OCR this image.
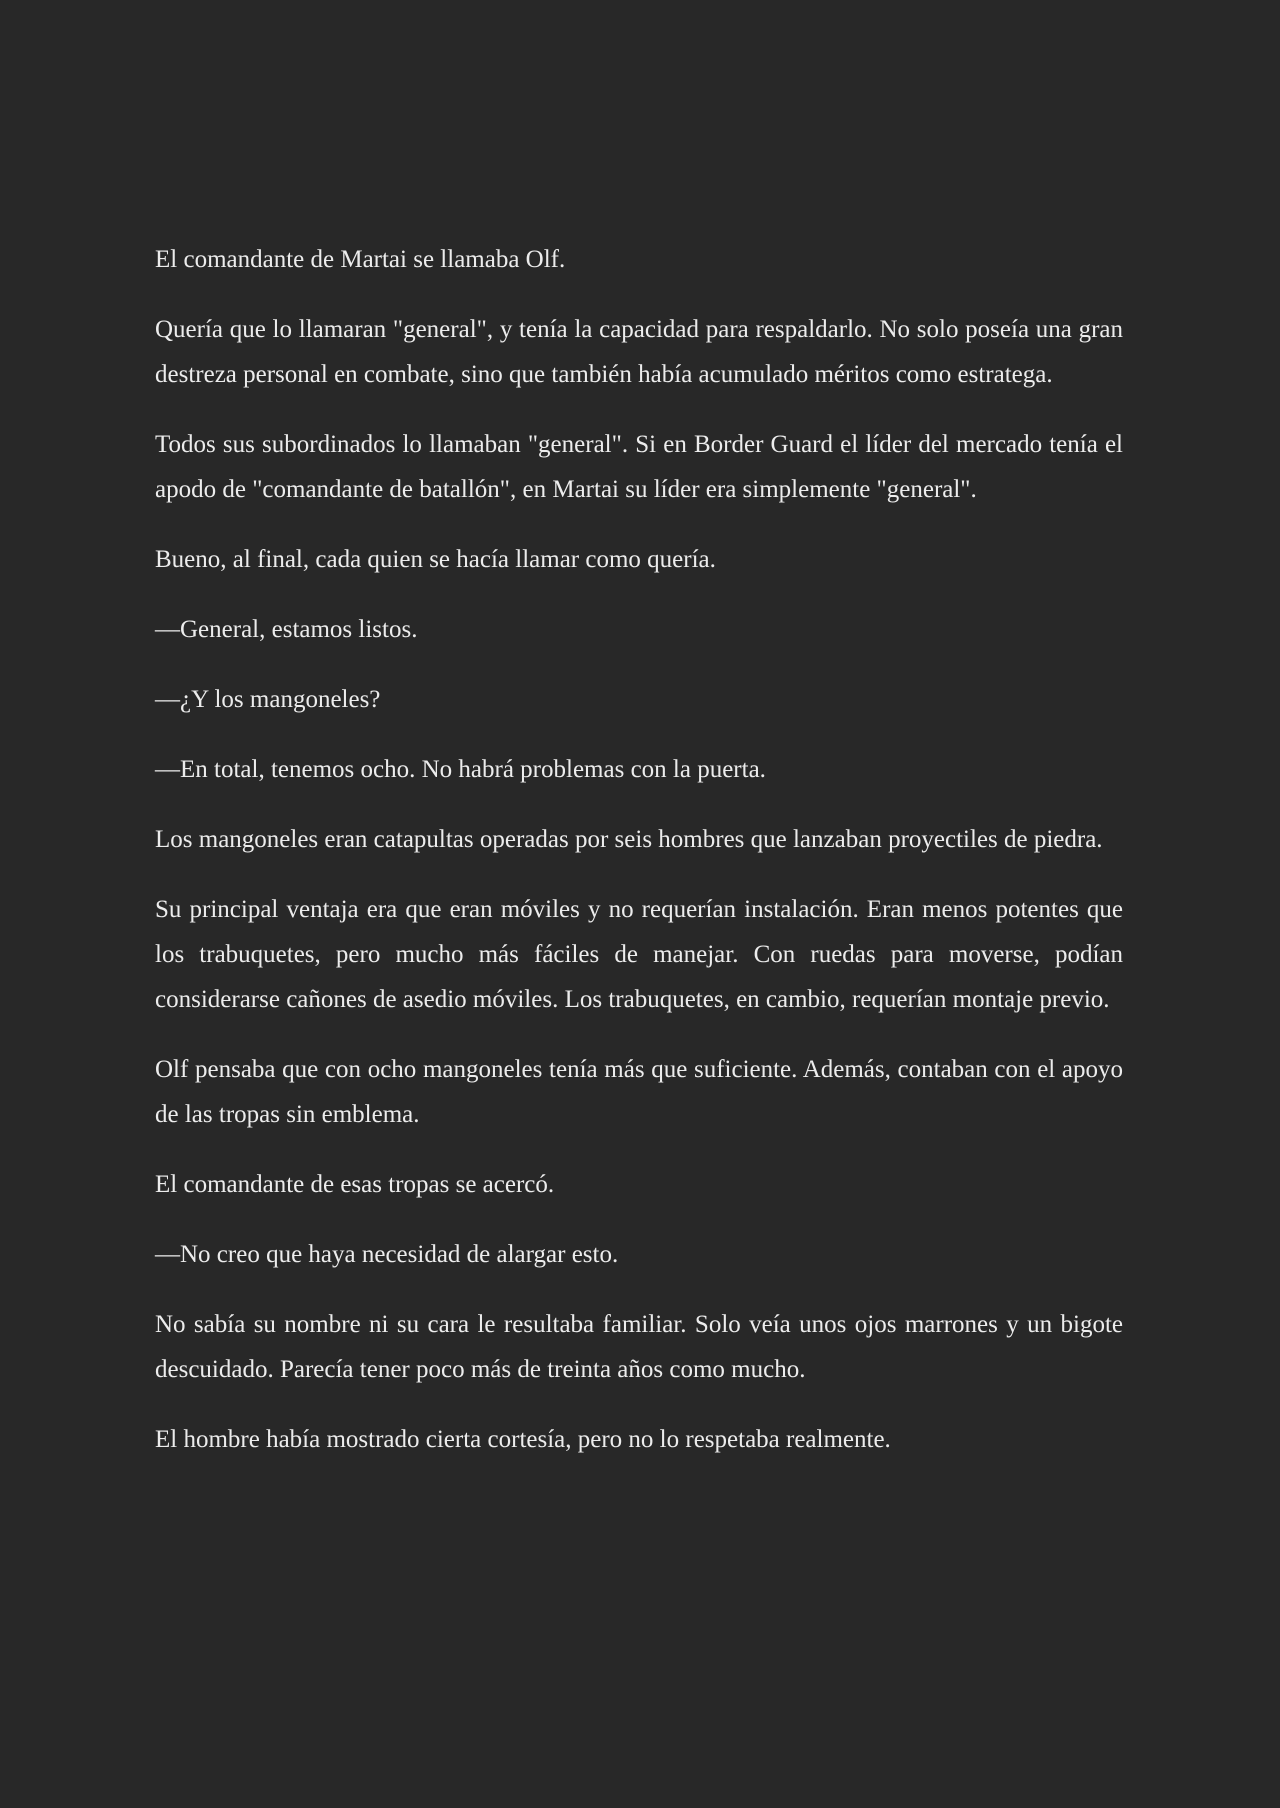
El comandante de Martai se llamaba Olf.

Quería que lo llamaran "general", y tenía la capacidad para respaldarlo. No solo poseía una gran destreza personal en combate, sino que también había acumulado méritos como estratega.

Todos sus subordinados lo llamaban "general". Si en Border Guard el líder del mercado tenía el apodo de "comandante de batallón", en Martai su líder era simplemente "general".

Bueno, al final, cada quien se hacía llamar como quería.

—General, estamos listos.

—¿Y los mangoneles?

—En total, tenemos ocho. No habrá problemas con la puerta.

Los mangoneles eran catapultas operadas por seis hombres que lanzaban proyectiles de piedra.

Su principal ventaja era que eran móviles y no requerían instalación. Eran menos potentes que los trabuquetes, pero mucho más fáciles de manejar. Con ruedas para moverse, podían considerarse cañones de asedio móviles. Los trabuquetes, en cambio, requerían montaje previo.

Olf pensaba que con ocho mangoneles tenía más que suficiente. Además, contaban con el apoyo de las tropas sin emblema.

El comandante de esas tropas se acercó.

—No creo que haya necesidad de alargar esto.

No sabía su nombre ni su cara le resultaba familiar. Solo veía unos ojos marrones y un bigote descuidado. Parecía tener poco más de treinta años como mucho.

El hombre había mostrado cierta cortesía, pero no lo respetaba realmente.
